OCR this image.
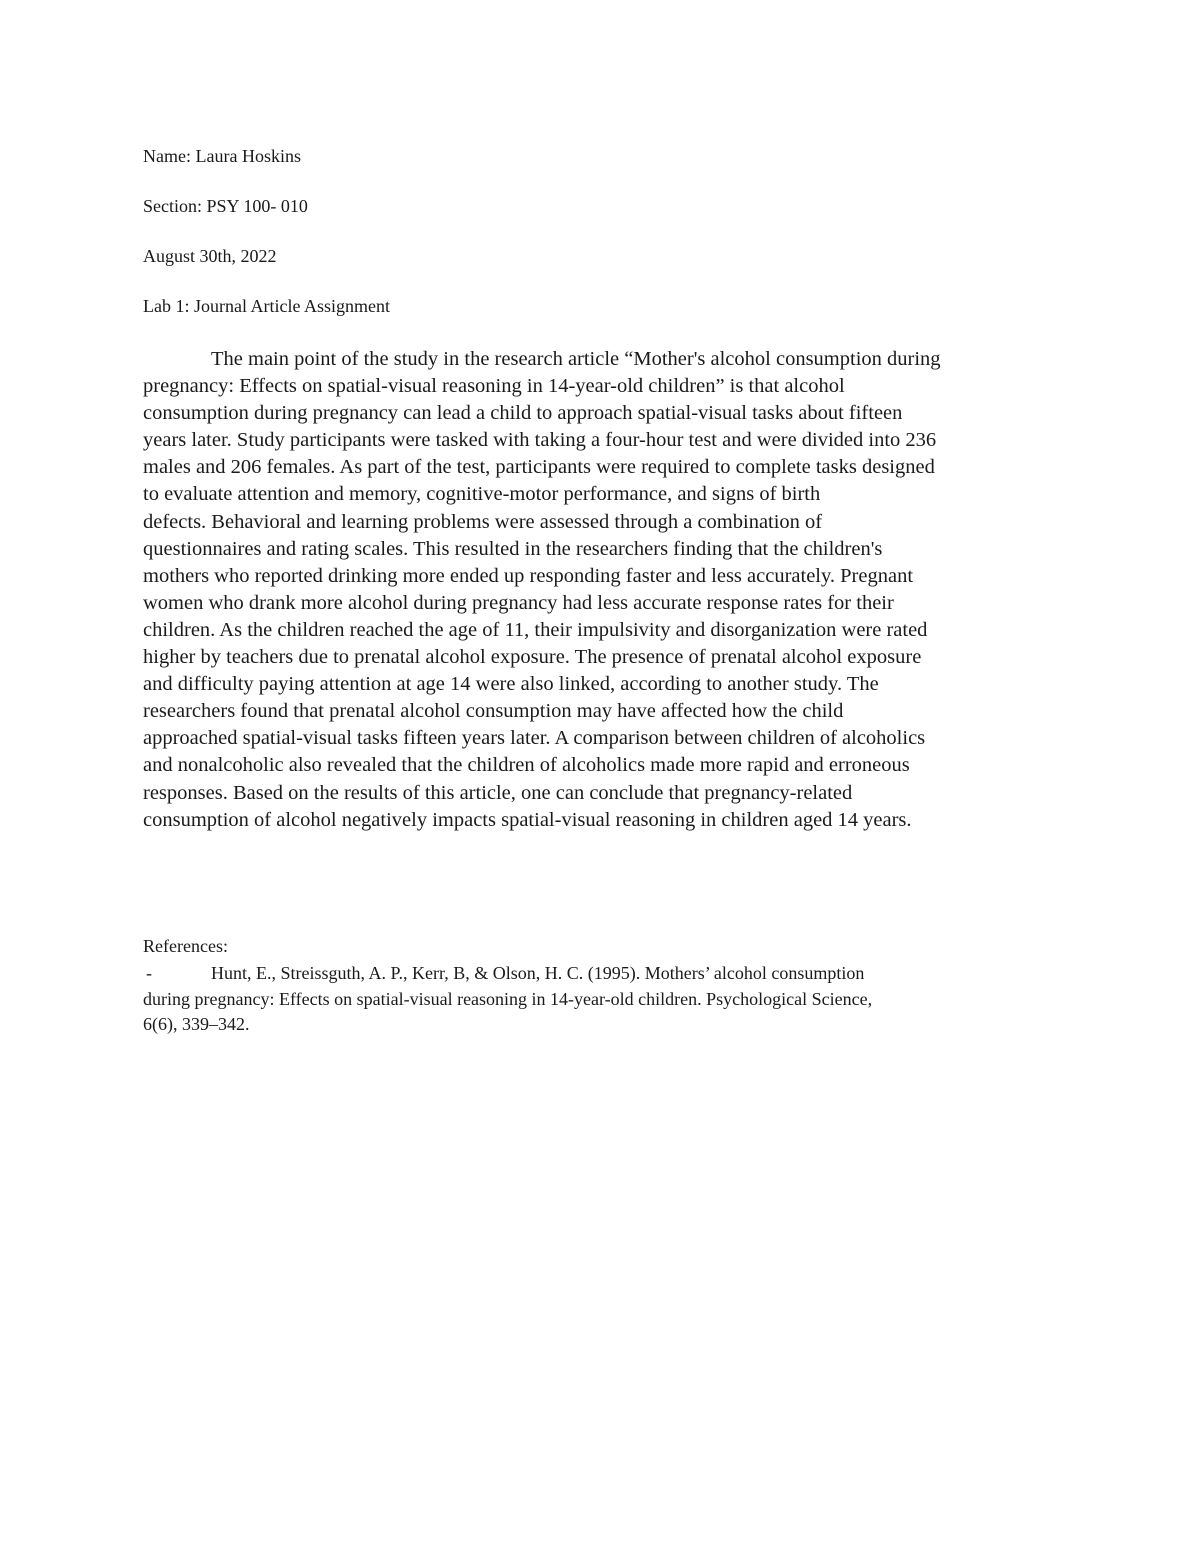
Name: Laura Hoskins
Section: PSY 100- 010
August 30th, 2022
Lab 1: Journal Article Assignment
The main point of the study in the research article “Mother's alcohol consumption during
pregnancy: Effects on spatial-visual reasoning in 14-year-old children” is that alcohol
consumption during pregnancy can lead a child to approach spatial-visual tasks about fifteen
years later. Study participants were tasked with taking a four-hour test and were divided into 236
males and 206 females. As part of the test, participants were required to complete tasks designed
to evaluate attention and memory, cognitive-motor performance, and signs of birth
defects. Behavioral and learning problems were assessed through a combination of
questionnaires and rating scales. This resulted in the researchers finding that the children's
mothers who reported drinking more ended up responding faster and less accurately. Pregnant
women who drank more alcohol during pregnancy had less accurate response rates for their
children. As the children reached the age of 11, their impulsivity and disorganization were rated
higher by teachers due to prenatal alcohol exposure. The presence of prenatal alcohol exposure
and difficulty paying attention at age 14 were also linked, according to another study. The
researchers found that prenatal alcohol consumption may have affected how the child
approached spatial-visual tasks fifteen years later. A comparison between children of alcoholics
and nonalcoholic also revealed that the children of alcoholics made more rapid and erroneous
responses. Based on the results of this article, one can conclude that pregnancy-related
consumption of alcohol negatively impacts spatial-visual reasoning in children aged 14 years.
References:
-	Hunt, E., Streissguth, A. P., Kerr, B, & Olson, H. C. (1995). Mothers’ alcohol consumption
during pregnancy: Effects on spatial-visual reasoning in 14-year-old children. Psychological Science,
6(6), 339–342.
